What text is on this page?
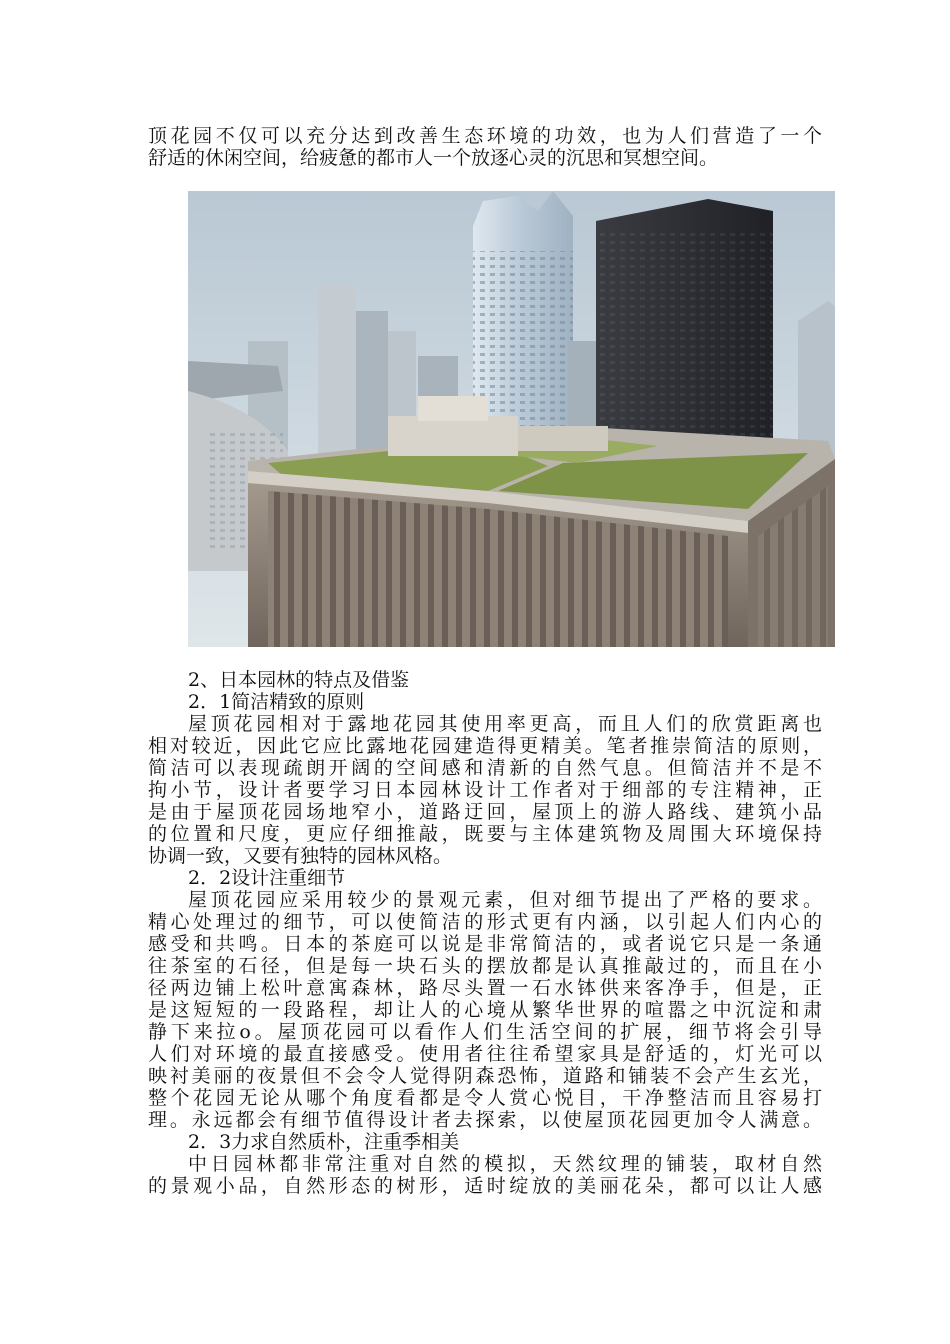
顶花园不仅可以充分达到改善生态环境的功效，也为人们营造了一个
舒适的休闲空间，给疲惫的都市人一个放逐心灵的沉思和冥想空间。
2、日本园林的特点及借鉴
2．1简洁精致的原则
屋顶花园相对于露地花园其使用率更高，而且人们的欣赏距离也
相对较近，因此它应比露地花园建造得更精美。笔者推崇简洁的原则，
简洁可以表现疏朗开阔的空间感和清新的自然气息。但简洁并不是不
拘小节，设计者要学习日本园林设计工作者对于细部的专注精神，正
是由于屋顶花园场地窄小，道路迂回，屋顶上的游人路线、建筑小品
的位置和尺度，更应仔细推敲，既要与主体建筑物及周围大环境保持
协调一致，又要有独特的园林风格。
2．2设计注重细节
屋顶花园应采用较少的景观元素，但对细节提出了严格的要求。
精心处理过的细节，可以使简洁的形式更有内涵，以引起人们内心的
感受和共鸣。日本的茶庭可以说是非常简洁的，或者说它只是一条通
往茶室的石径，但是每一块石头的摆放都是认真推敲过的，而且在小
径两边铺上松叶意寓森林，路尽头置一石水钵供来客净手，但是，正
是这短短的一段路程，却让人的心境从繁华世界的喧嚣之中沉淀和肃
静下来拉o。屋顶花园可以看作人们生活空间的扩展，细节将会引导
人们对环境的最直接感受。使用者往往希望家具是舒适的，灯光可以
映衬美丽的夜景但不会令人觉得阴森恐怖，道路和铺装不会产生玄光，
整个花园无论从哪个角度看都是令人赏心悦目，干净整洁而且容易打
理。永远都会有细节值得设计者去探索，以使屋顶花园更加令人满意。
2．3力求自然质朴，注重季相美
中日园林都非常注重对自然的模拟，天然纹理的铺装，取材自然
的景观小品，自然形态的树形，适时绽放的美丽花朵，都可以让人感
